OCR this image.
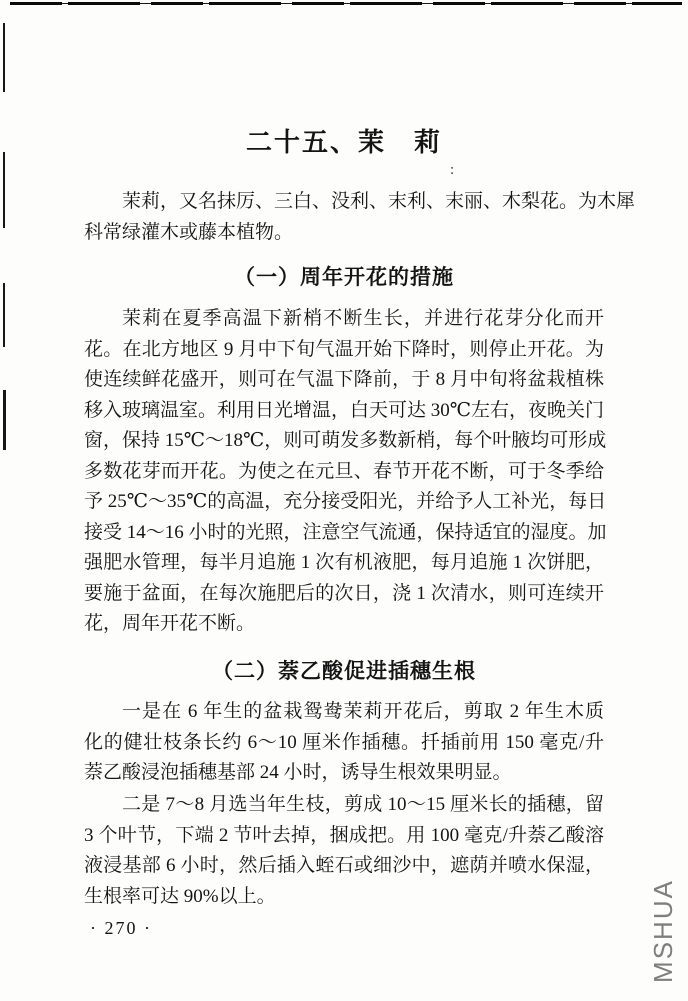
二十五、茉　莉
:
茉莉，又名抹厉、三白、没利、末利、末丽、木梨花。为木犀
科常绿灌木或藤本植物。
（一）周年开花的措施
茉莉在夏季高温下新梢不断生长，并进行花芽分化而开
花。在北方地区 9 月中下旬气温开始下降时，则停止开花。为
使连续鲜花盛开，则可在气温下降前，于 8 月中旬将盆栽植株
移入玻璃温室。利用日光增温，白天可达 30℃左右，夜晚关门
窗，保持 15℃～18℃，则可萌发多数新梢，每个叶腋均可形成
多数花芽而开花。为使之在元旦、春节开花不断，可于冬季给
予 25℃～35℃的高温，充分接受阳光，并给予人工补光，每日
接受 14～16 小时的光照，注意空气流通，保持适宜的湿度。加
强肥水管理，每半月追施 1 次有机液肥，每月追施 1 次饼肥，
要施于盆面，在每次施肥后的次日，浇 1 次清水，则可连续开
花，周年开花不断。
（二）萘乙酸促进插穗生根
一是在 6 年生的盆栽鸳鸯茉莉开花后，剪取 2 年生木质
化的健壮枝条长约 6～10 厘米作插穗。扦插前用 150 毫克/升
萘乙酸浸泡插穗基部 24 小时，诱导生根效果明显。
二是 7～8 月选当年生枝，剪成 10～15 厘米长的插穗，留
3 个叶节，下端 2 节叶去掉，捆成把。用 100 毫克/升萘乙酸溶
液浸基部 6 小时，然后插入蛭石或细沙中，遮荫并喷水保湿，
生根率可达 90%以上。
· 270 ·	MSHUA
